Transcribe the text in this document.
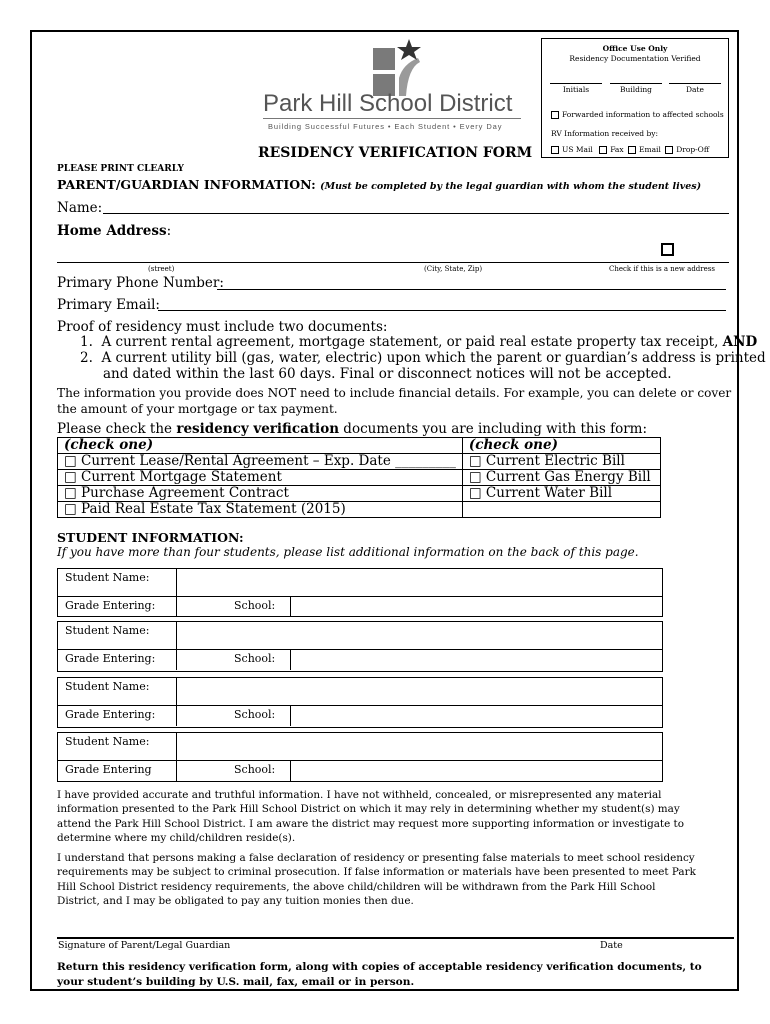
Office Use Only
Residency Documentation Verified
Initials	Building	Date
Forwarded information to affected schools
RV Information received by:
US Mail Fax Email Drop-Off
Park Hill School District
Building Successful Futures • Each Student • Every Day
RESIDENCY VERIFICATION FORM
PLEASE PRINT CLEARLY
PARENT/GUARDIAN INFORMATION: (Must be completed by the legal guardian with whom the student lives)
Name:
Home Address:
(street)	(City, State, Zip)	Check if this is a new address
Primary Phone Number:
Primary Email:
Proof of residency must include two documents:
1. A current rental agreement, mortgage statement, or paid real estate property tax receipt, AND
2. A current utility bill (gas, water, electric) upon which the parent or guardian’s address is printed
and dated within the last 60 days. Final or disconnect notices will not be accepted.
The information you provide does NOT need to include financial details. For example, you can delete or cover
the amount of your mortgage or tax payment.
Please check the residency verification documents you are including with this form:
(check one)	(check one)
□ Current Lease/Rental Agreement – Exp. Date _________	□ Current Electric Bill
□ Current Mortgage Statement	□ Current Gas Energy Bill
□ Purchase Agreement Contract	□ Current Water Bill
□ Paid Real Estate Tax Statement (2015)	
STUDENT INFORMATION:
If you have more than four students, please list additional information on the back of this page.
Student Name:
Grade Entering:	School:
Student Name:
Grade Entering:	School:
Student Name:
Grade Entering:	School:
Student Name:
Grade Entering	School:
I have provided accurate and truthful information. I have not withheld, concealed, or misrepresented any material
information presented to the Park Hill School District on which it may rely in determining whether my student(s) may
attend the Park Hill School District. I am aware the district may request more supporting information or investigate to
determine where my child/children reside(s).
I understand that persons making a false declaration of residency or presenting false materials to meet school residency
requirements may be subject to criminal prosecution. If false information or materials have been presented to meet Park
Hill School District residency requirements, the above child/children will be withdrawn from the Park Hill School
District, and I may be obligated to pay any tuition monies then due.
Signature of Parent/Legal Guardian	Date
Return this residency verification form, along with copies of acceptable residency verification documents, to
your student’s building by U.S. mail, fax, email or in person.
